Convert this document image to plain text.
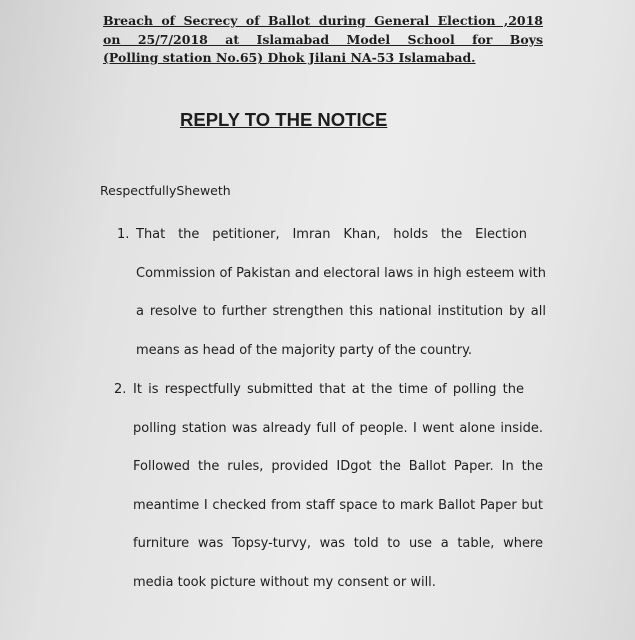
Breach of Secrecy of Ballot during General Election ,2018
on 25/7/2018 at Islamabad Model School for Boys
(Polling station No.65) Dhok Jilani NA-53 Islamabad.
REPLY TO THE NOTICE
RespectfullySheweth
1. That the petitioner, Imran Khan, holds the Election
Commission of Pakistan and electoral laws in high esteem with
a resolve to further strengthen this national institution by all
means as head of the majority party of the country.
2. It is respectfully submitted that at the time of polling the
polling station was already full of people. I went alone inside.
Followed the rules, provided IDgot the Ballot Paper. In the
meantime I checked from staff space to mark Ballot Paper but
furniture was Topsy-turvy, was told to use a table, where
media took picture without my consent or will.
